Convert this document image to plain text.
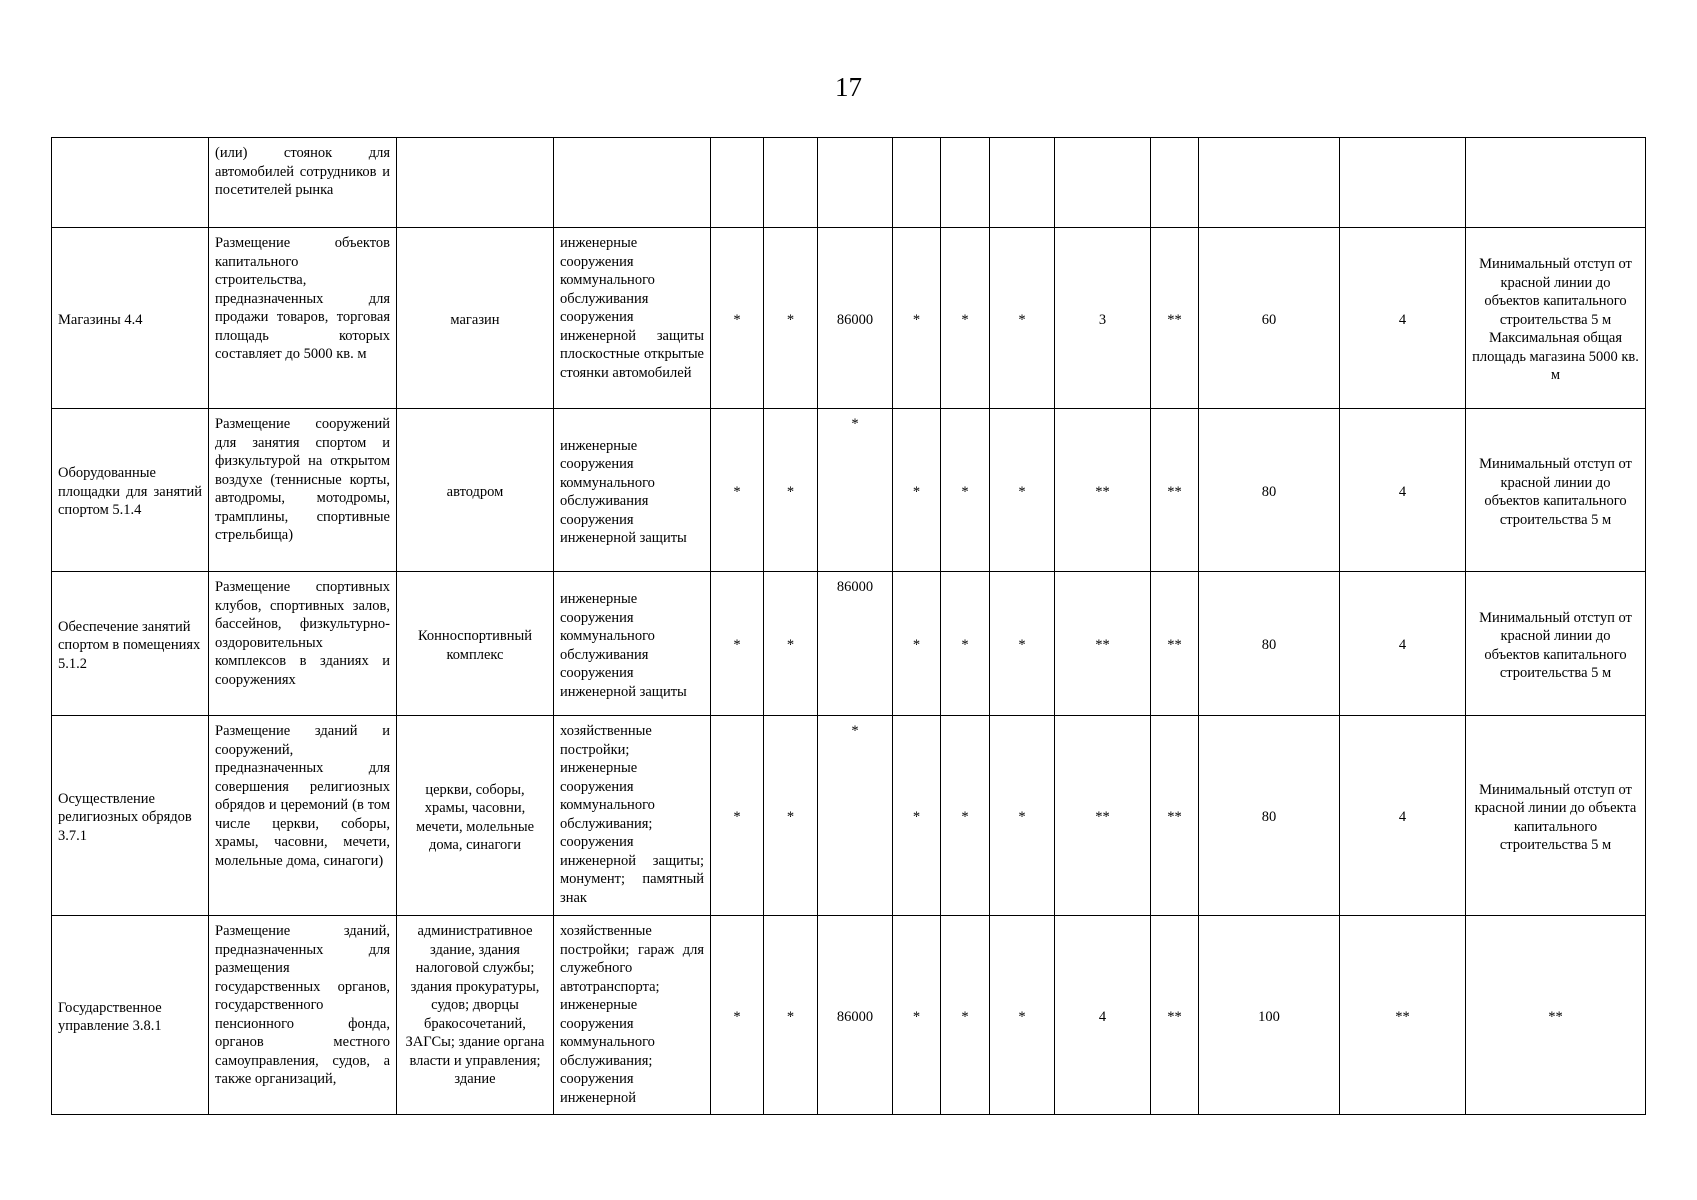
17
	(или) стоянок для автомобилей сотрудников и посетителей рынка													
Магазины 4.4	Размещение объектов капитального строительства, предназначенных для продажи товаров, торговая площадь которых составляет до 5000 кв. м	магазин	инженерные сооружения коммунального обслуживания сооружения инженерной защиты плоскостные открытые стоянки автомобилей	*	*	86000	*	*	*	3	**	60	4	Минимальный отступ от красной линии до объектов капитального строительства 5 м Максимальная общая площадь магазина 5000 кв. м
Оборудованные площадки для занятий спортом 5.1.4	Размещение сооружений для занятия спортом и физкультурой на открытом воздухе (теннисные корты, автодромы, мотодромы, трамплины, спортивные стрельбища)	автодром	инженерные сооружения коммунального обслуживания сооружения инженерной защиты	*	*	*	*	*	*	**	**	80	4	Минимальный отступ от красной линии до объектов капитального строительства 5 м
Обеспечение занятий спортом в помещениях 5.1.2	Размещение спортивных клубов, спортивных залов, бассейнов, физкультурно-оздоровительных комплексов в зданиях и сооружениях	Конноспортивный комплекс	инженерные сооружения коммунального обслуживания сооружения инженерной защиты	*	*	86000	*	*	*	**	**	80	4	Минимальный отступ от красной линии до объектов капитального строительства 5 м
Осуществление религиозных обрядов 3.7.1	Размещение зданий и сооружений, предназначенных для совершения религиозных обрядов и церемоний (в том числе церкви, соборы, храмы, часовни, мечети, молельные дома, синагоги)	церкви, соборы, храмы, часовни, мечети, молельные дома, синагоги	хозяйственные постройки; инженерные сооружения коммунального обслуживания; сооружения инженерной защиты; монумент; памятный знак	*	*	*	*	*	*	**	**	80	4	Минимальный отступ от красной линии до объекта капитального строительства 5 м
Государственное управление 3.8.1	Размещение зданий, предназначенных для размещения государственных органов, государственного пенсионного фонда, органов местного самоуправления, судов, а также организаций,	административное здание, здания налоговой службы; здания прокуратуры, судов; дворцы бракосочетаний, ЗАГСы; здание органа власти и управления; здание	хозяйственные постройки; гараж для служебного автотранспорта; инженерные сооружения коммунального обслуживания; сооружения инженерной	*	*	86000	*	*	*	4	**	100	**	**
